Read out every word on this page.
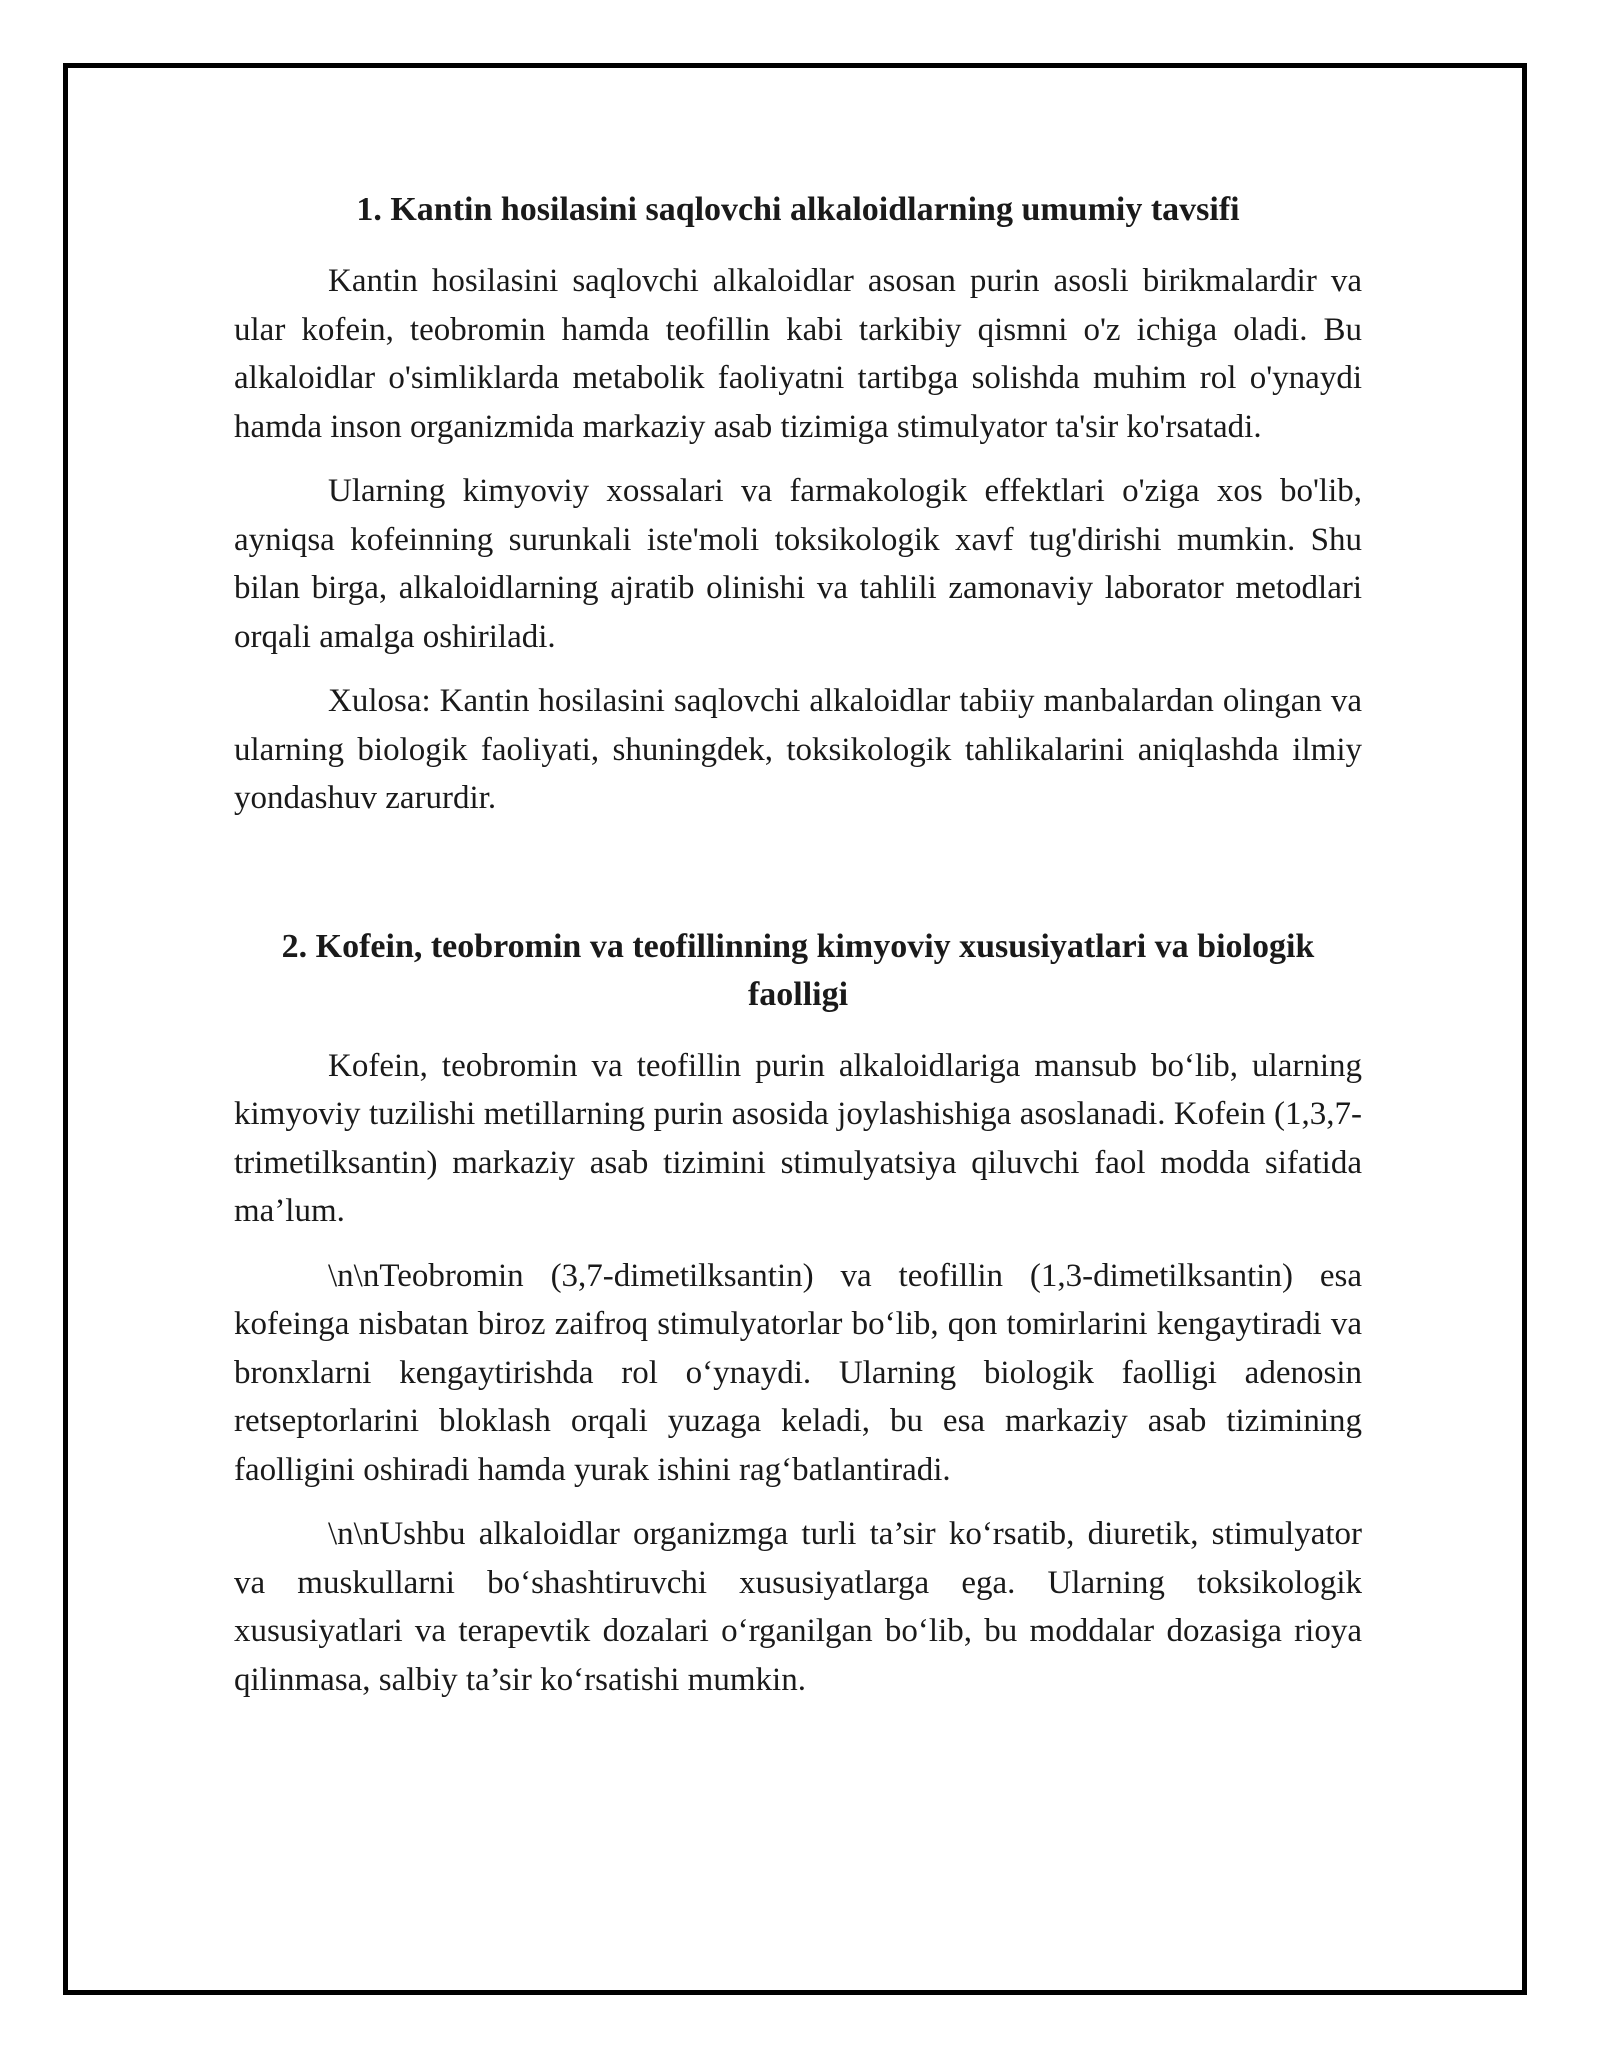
1. Kantin hosilasini saqlovchi alkaloidlarning umumiy tavsifi

Kantin hosilasini saqlovchi alkaloidlar asosan purin asosli birikmalardir va ular kofein, teobromin hamda teofillin kabi tarkibiy qismni o'z ichiga oladi. Bu alkaloidlar o'simliklarda metabolik faoliyatni tartibga solishda muhim rol o'ynaydi hamda inson organizmida markaziy asab tizimiga stimulyator ta'sir ko'rsatadi.

Ularning kimyoviy xossalari va farmakologik effektlari o'ziga xos bo'lib, ayniqsa kofeinning surunkali iste'moli toksikologik xavf tug'dirishi mumkin. Shu bilan birga, alkaloidlarning ajratib olinishi va tahlili zamonaviy laborator metodlari orqali amalga oshiriladi.

Xulosa: Kantin hosilasini saqlovchi alkaloidlar tabiiy manbalardan olingan va ularning biologik faoliyati, shuningdek, toksikologik tahlikalarini aniqlashda ilmiy yondashuv zarurdir.

2. Kofein, teobromin va teofillinning kimyoviy xususiyatlari va biologik faolligi

Kofein, teobromin va teofillin purin alkaloidlariga mansub bo‘lib, ularning kimyoviy tuzilishi metillarning purin asosida joylashishiga asoslanadi. Kofein (1,3,7-trimetilksantin) markaziy asab tizimini stimulyatsiya qiluvchi faol modda sifatida ma’lum.

\n\nTeobromin (3,7-dimetilksantin) va teofillin (1,3-dimetilksantin) esa kofeinga nisbatan biroz zaifroq stimulyatorlar bo‘lib, qon tomirlarini kengaytiradi va bronxlarni kengaytirishda rol o‘ynaydi. Ularning biologik faolligi adenosin retseptorlarini bloklash orqali yuzaga keladi, bu esa markaziy asab tizimining faolligini oshiradi hamda yurak ishini rag‘batlantiradi.

\n\nUshbu alkaloidlar organizmga turli ta’sir ko‘rsatib, diuretik, stimulyator va muskullarni bo‘shashtiruvchi xususiyatlarga ega. Ularning toksikologik xususiyatlari va terapevtik dozalari o‘rganilgan bo‘lib, bu moddalar dozasiga rioya qilinmasa, salbiy ta’sir ko‘rsatishi mumkin.
